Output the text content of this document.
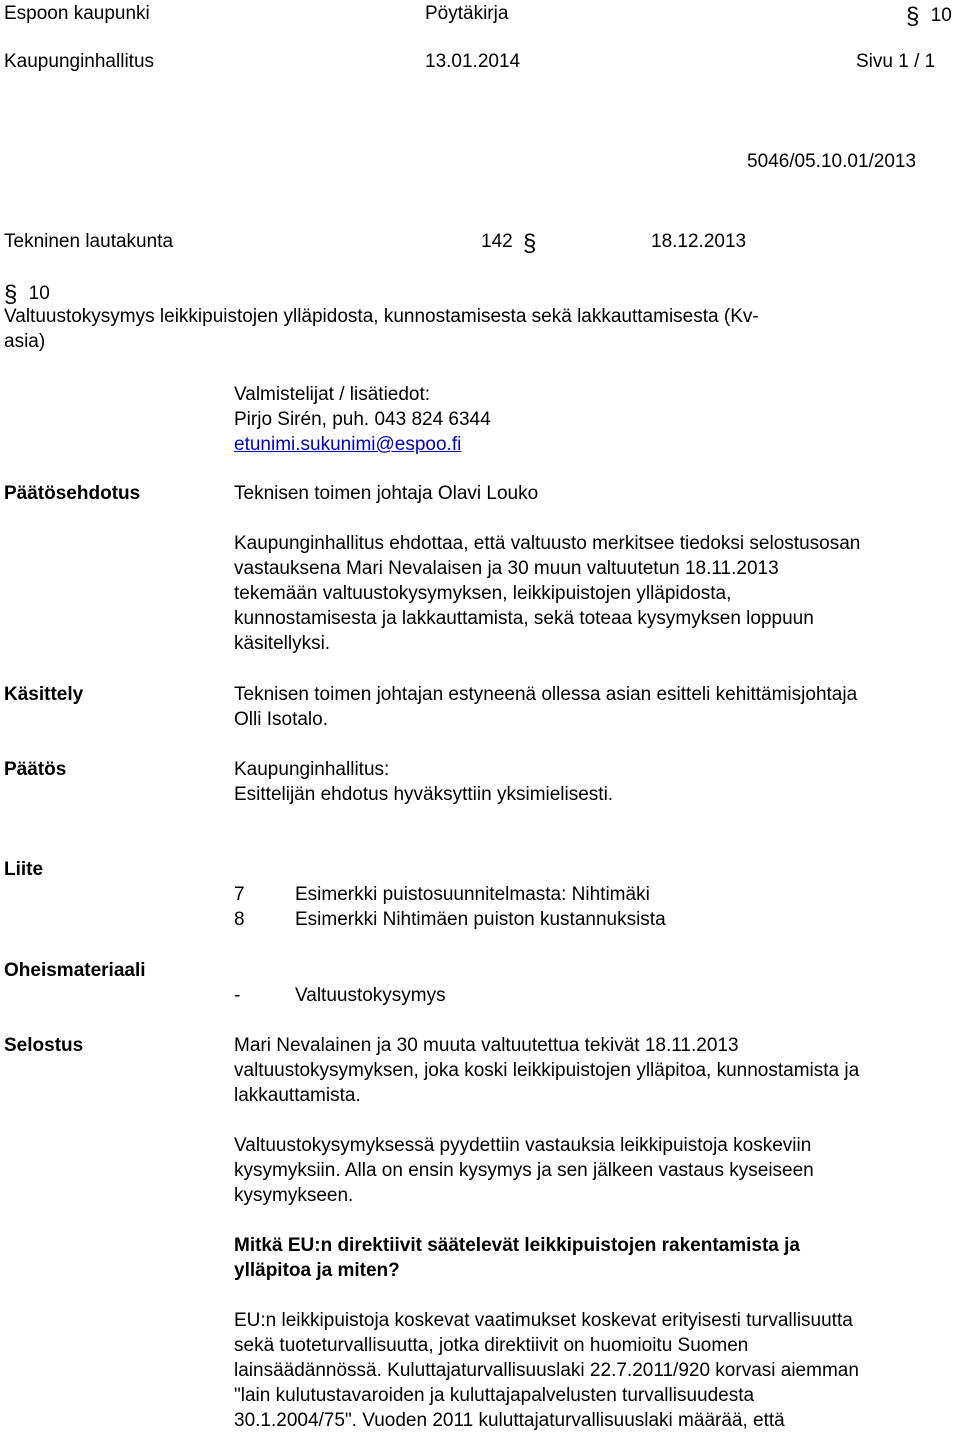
Espoon kaupunki	Pöytäkirja	§ 10
Kaupunginhallitus	13.01.2014	Sivu 1 / 1
5046/05.10.01/2013
Tekninen lautakunta	142 §	18.12.2013
§ 10
Valtuustokysymys leikkipuistojen ylläpidosta, kunnostamisesta sekä lakkauttamisesta (Kv-
asia)

Valmistelijat / lisätiedot:

Pirjo Sirén, puh. 043 824 6344

etunimi.sukunimi@espoo.fi

Päätösehdotus	Teknisen toimen johtaja Olavi Louko

Kaupunginhallitus ehdottaa, että valtuusto merkitsee tiedoksi selostusosan

vastauksena Mari Nevalaisen ja 30 muun valtuutetun 18.11.2013

tekemään valtuustokysymyksen, leikkipuistojen ylläpidosta,

kunnostamisesta ja lakkauttamista, sekä toteaa kysymyksen loppuun

käsitellyksi.

Käsittely	Teknisen toimen johtajan estyneenä ollessa asian esitteli kehittämisjohtaja

Olli Isotalo.

Päätös	Kaupunginhallitus:

Esittelijän ehdotus hyväksyttiin yksimielisesti.

Liite
7	Esimerkki puistosuunnitelmasta: Nihtimäki
8	Esimerkki Nihtimäen puiston kustannuksista
Oheismateriaali
-	Valtuustokysymys
Selostus	Mari Nevalainen ja 30 muuta valtuutettua tekivät 18.11.2013

valtuustokysymyksen, joka koski leikkipuistojen ylläpitoa, kunnostamista ja

lakkauttamista.

Valtuustokysymyksessä pyydettiin vastauksia leikkipuistoja koskeviin

kysymyksiin. Alla on ensin kysymys ja sen jälkeen vastaus kyseiseen

kysymykseen.

Mitkä EU:n direktiivit säätelevät leikkipuistojen rakentamista ja

ylläpitoa ja miten?

EU:n leikkipuistoja koskevat vaatimukset koskevat erityisesti turvallisuutta

sekä tuoteturvallisuutta, jotka direktiivit on huomioitu Suomen

lainsäädännössä. Kuluttajaturvallisuuslaki 22.7.2011/920 korvasi aiemman

"lain kulutustavaroiden ja kuluttajapalvelusten turvallisuudesta

30.1.2004/75". Vuoden 2011 kuluttajaturvallisuuslaki määrää, että
